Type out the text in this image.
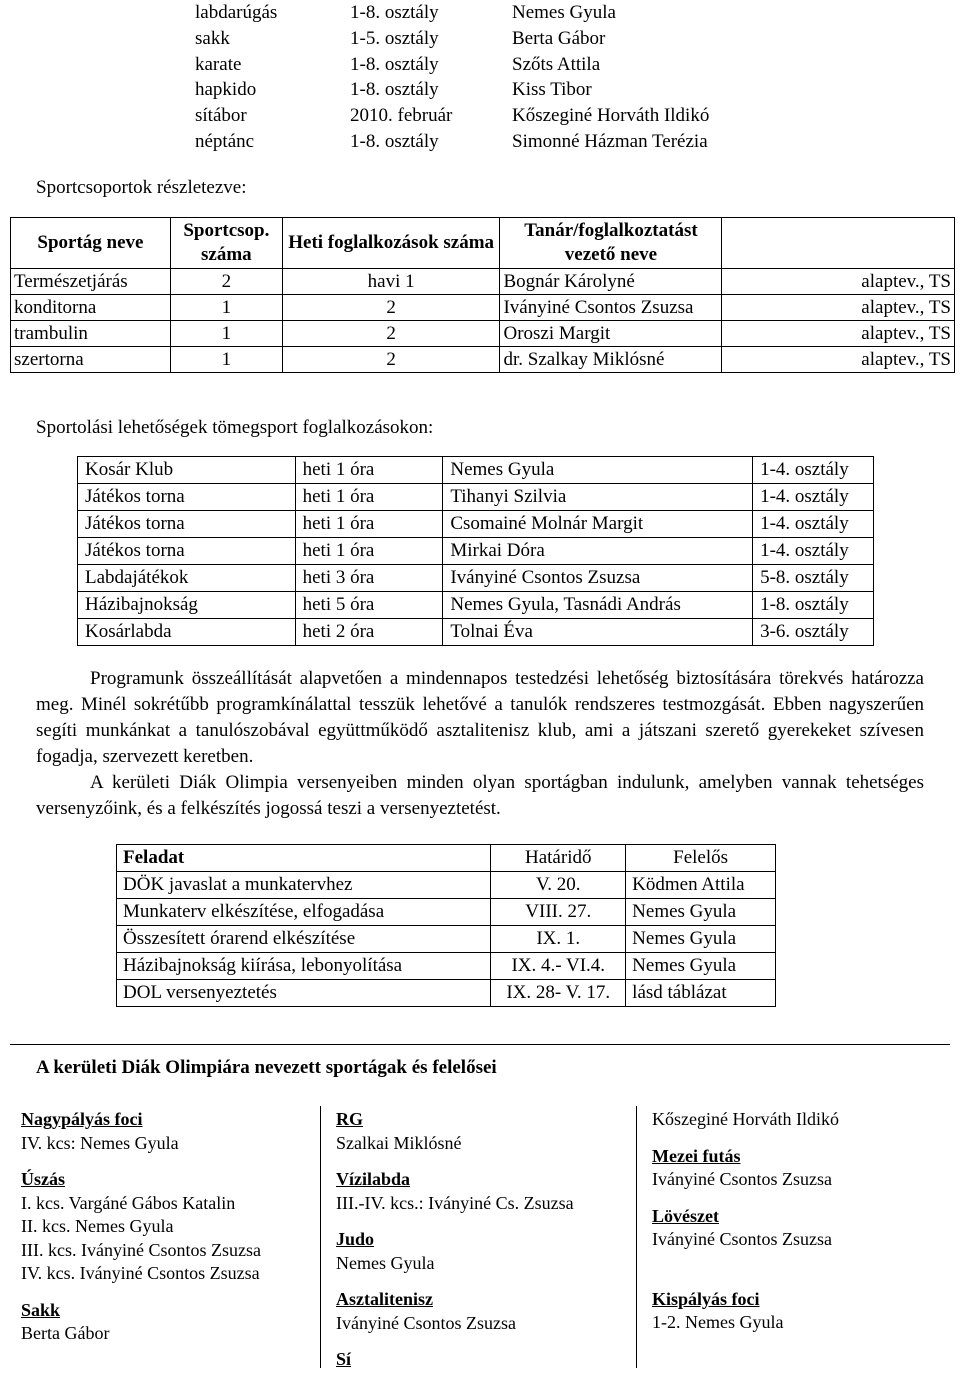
labdarúgás	1-8. osztály	Nemes Gyula
sakk	1-5. osztály	Berta Gábor
karate	1-8. osztály	Szőts Attila
hapkido	1-8. osztály	Kiss Tibor
sítábor	2010. február	Kőszeginé Horváth Ildikó
néptánc	1-8. osztály	Simonné Házman Terézia
Sportcsoportok részletezve:
Sportág neve	Sportcsop. száma	Heti foglalkozások száma	Tanár/foglalkoztatást vezető neve	
Természetjárás	2	havi 1	Bognár Károlyné	alaptev., TS
konditorna	1	2	Iványiné Csontos Zsuzsa	alaptev., TS
trambulin	1	2	Oroszi Margit	alaptev., TS
szertorna	1	2	dr. Szalkay Miklósné	alaptev., TS
Sportolási lehetőségek tömegsport foglalkozásokon:
Kosár Klub	heti 1 óra	Nemes Gyula	1-4. osztály
Játékos torna	heti 1 óra	Tihanyi Szilvia	1-4. osztály
Játékos torna	heti 1 óra	Csomainé Molnár Margit	1-4. osztály
Játékos torna	heti 1 óra	Mirkai Dóra	1-4. osztály
Labdajátékok	heti 3 óra	Iványiné Csontos Zsuzsa	5-8. osztály
Házibajnokság	heti 5 óra	Nemes Gyula, Tasnádi András	1-8. osztály
Kosárlabda	heti 2 óra	Tolnai Éva	3-6. osztály

Programunk összeállítását alapvetően a mindennapos testedzési lehetőség biztosítására törekvés határozza meg. Minél sokrétűbb programkínálattal tesszük lehetővé a tanulók rendszeres testmozgását. Ebben nagyszerűen segíti munkánkat a tanulószobával együttműködő asztalitenisz klub, ami a játszani szerető gyerekeket szívesen fogadja, szervezett keretben.

A kerületi Diák Olimpia versenyeiben minden olyan sportágban indulunk, amelyben vannak tehetséges versenyzőink, és a felkészítés jogossá teszi a versenyeztetést.

Feladat	Határidő	Felelős
DÖK javaslat a munkatervhez	V. 20.	Ködmen Attila
Munkaterv elkészítése, elfogadása	VIII. 27.	Nemes Gyula
Összesített órarend elkészítése	IX. 1.	Nemes Gyula
Házibajnokság kiírása, lebonyolítása	IX. 4.- VI.4.	Nemes Gyula
DOL versenyeztetés	IX. 28- V. 17.	lásd táblázat
A kerületi Diák Olimpiára nevezett sportágak és felelősei
Nagypályás foci
IV. kcs: Nemes Gyula
Úszás
I. kcs. Vargáné Gábos Katalin
II. kcs. Nemes Gyula
III. kcs. Iványiné Csontos Zsuzsa
IV. kcs. Iványiné Csontos Zsuzsa
Sakk
Berta Gábor
RG
Szalkai Miklósné
Vízilabda
III.-IV. kcs.: Iványiné Cs. Zsuzsa
Judo
Nemes Gyula
Asztalitenisz
Iványiné Csontos Zsuzsa
Sí
Kőszeginé Horváth Ildikó
Mezei futás
Iványiné Csontos Zsuzsa
Lövészet
Iványiné Csontos Zsuzsa
Kispályás foci
1-2. Nemes Gyula
